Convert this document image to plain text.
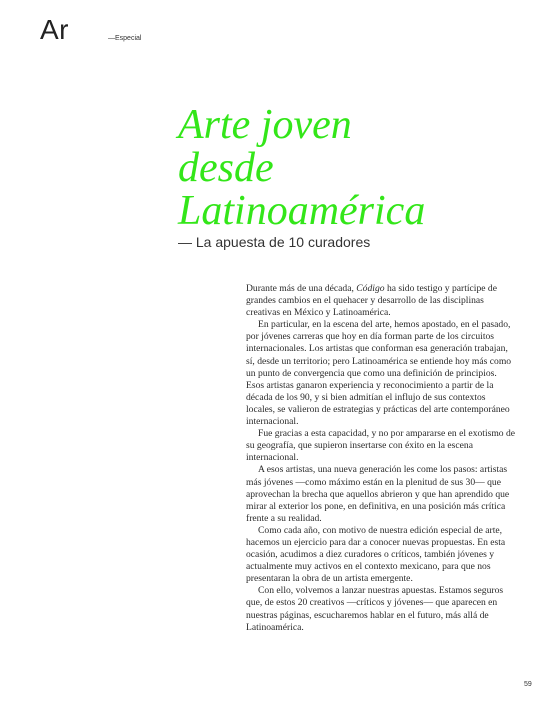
Ar	—Especial
Arte joven
desde
Latinoamérica
— La apuesta de 10 curadores

Durante más de una década, Código ha sido testigo y partícipe de grandes cambios en el quehacer y desarrollo de las disciplinas creativas en México y Latinoamérica.

En particular, en la escena del arte, hemos apostado, en el pasado, por jóvenes carreras que hoy en día forman parte de los circuitos internacionales. Los artistas que conforman esa generación trabajan, sí, desde un territorio; pero Latinoamérica se entiende hoy más como un punto de convergencia que como una definición de principios. Esos artistas ganaron experiencia y reconocimiento a partir de la década de los 90, y si bien admitían el influjo de sus contextos locales, se valieron de estrategias y prácticas del arte contemporáneo internacional.

Fue gracias a esta capacidad, y no por ampararse en el exotismo de su geografía, que supieron insertarse con éxito en la escena internacional.

A esos artistas, una nueva generación les come los pasos: artistas más jóvenes —como máximo están en la plenitud de sus 30— que aprovechan la brecha que aquellos abrieron y que han aprendido que mirar al exterior los pone, en definitiva, en una posición más crítica frente a su realidad.

Como cada año, con motivo de nuestra edición especial de arte, hacemos un ejercicio para dar a conocer nuevas propuestas. En esta ocasión, acudimos a diez curadores o críticos, también jóvenes y actualmente muy activos en el contexto mexicano, para que nos presentaran la obra de un artista emergente.

Con ello, volvemos a lanzar nuestras apuestas. Estamos seguros que, de estos 20 creativos —críticos y jóvenes— que aparecen en nuestras páginas, escucharemos hablar en el futuro, más allá de Latinoamérica.

59
